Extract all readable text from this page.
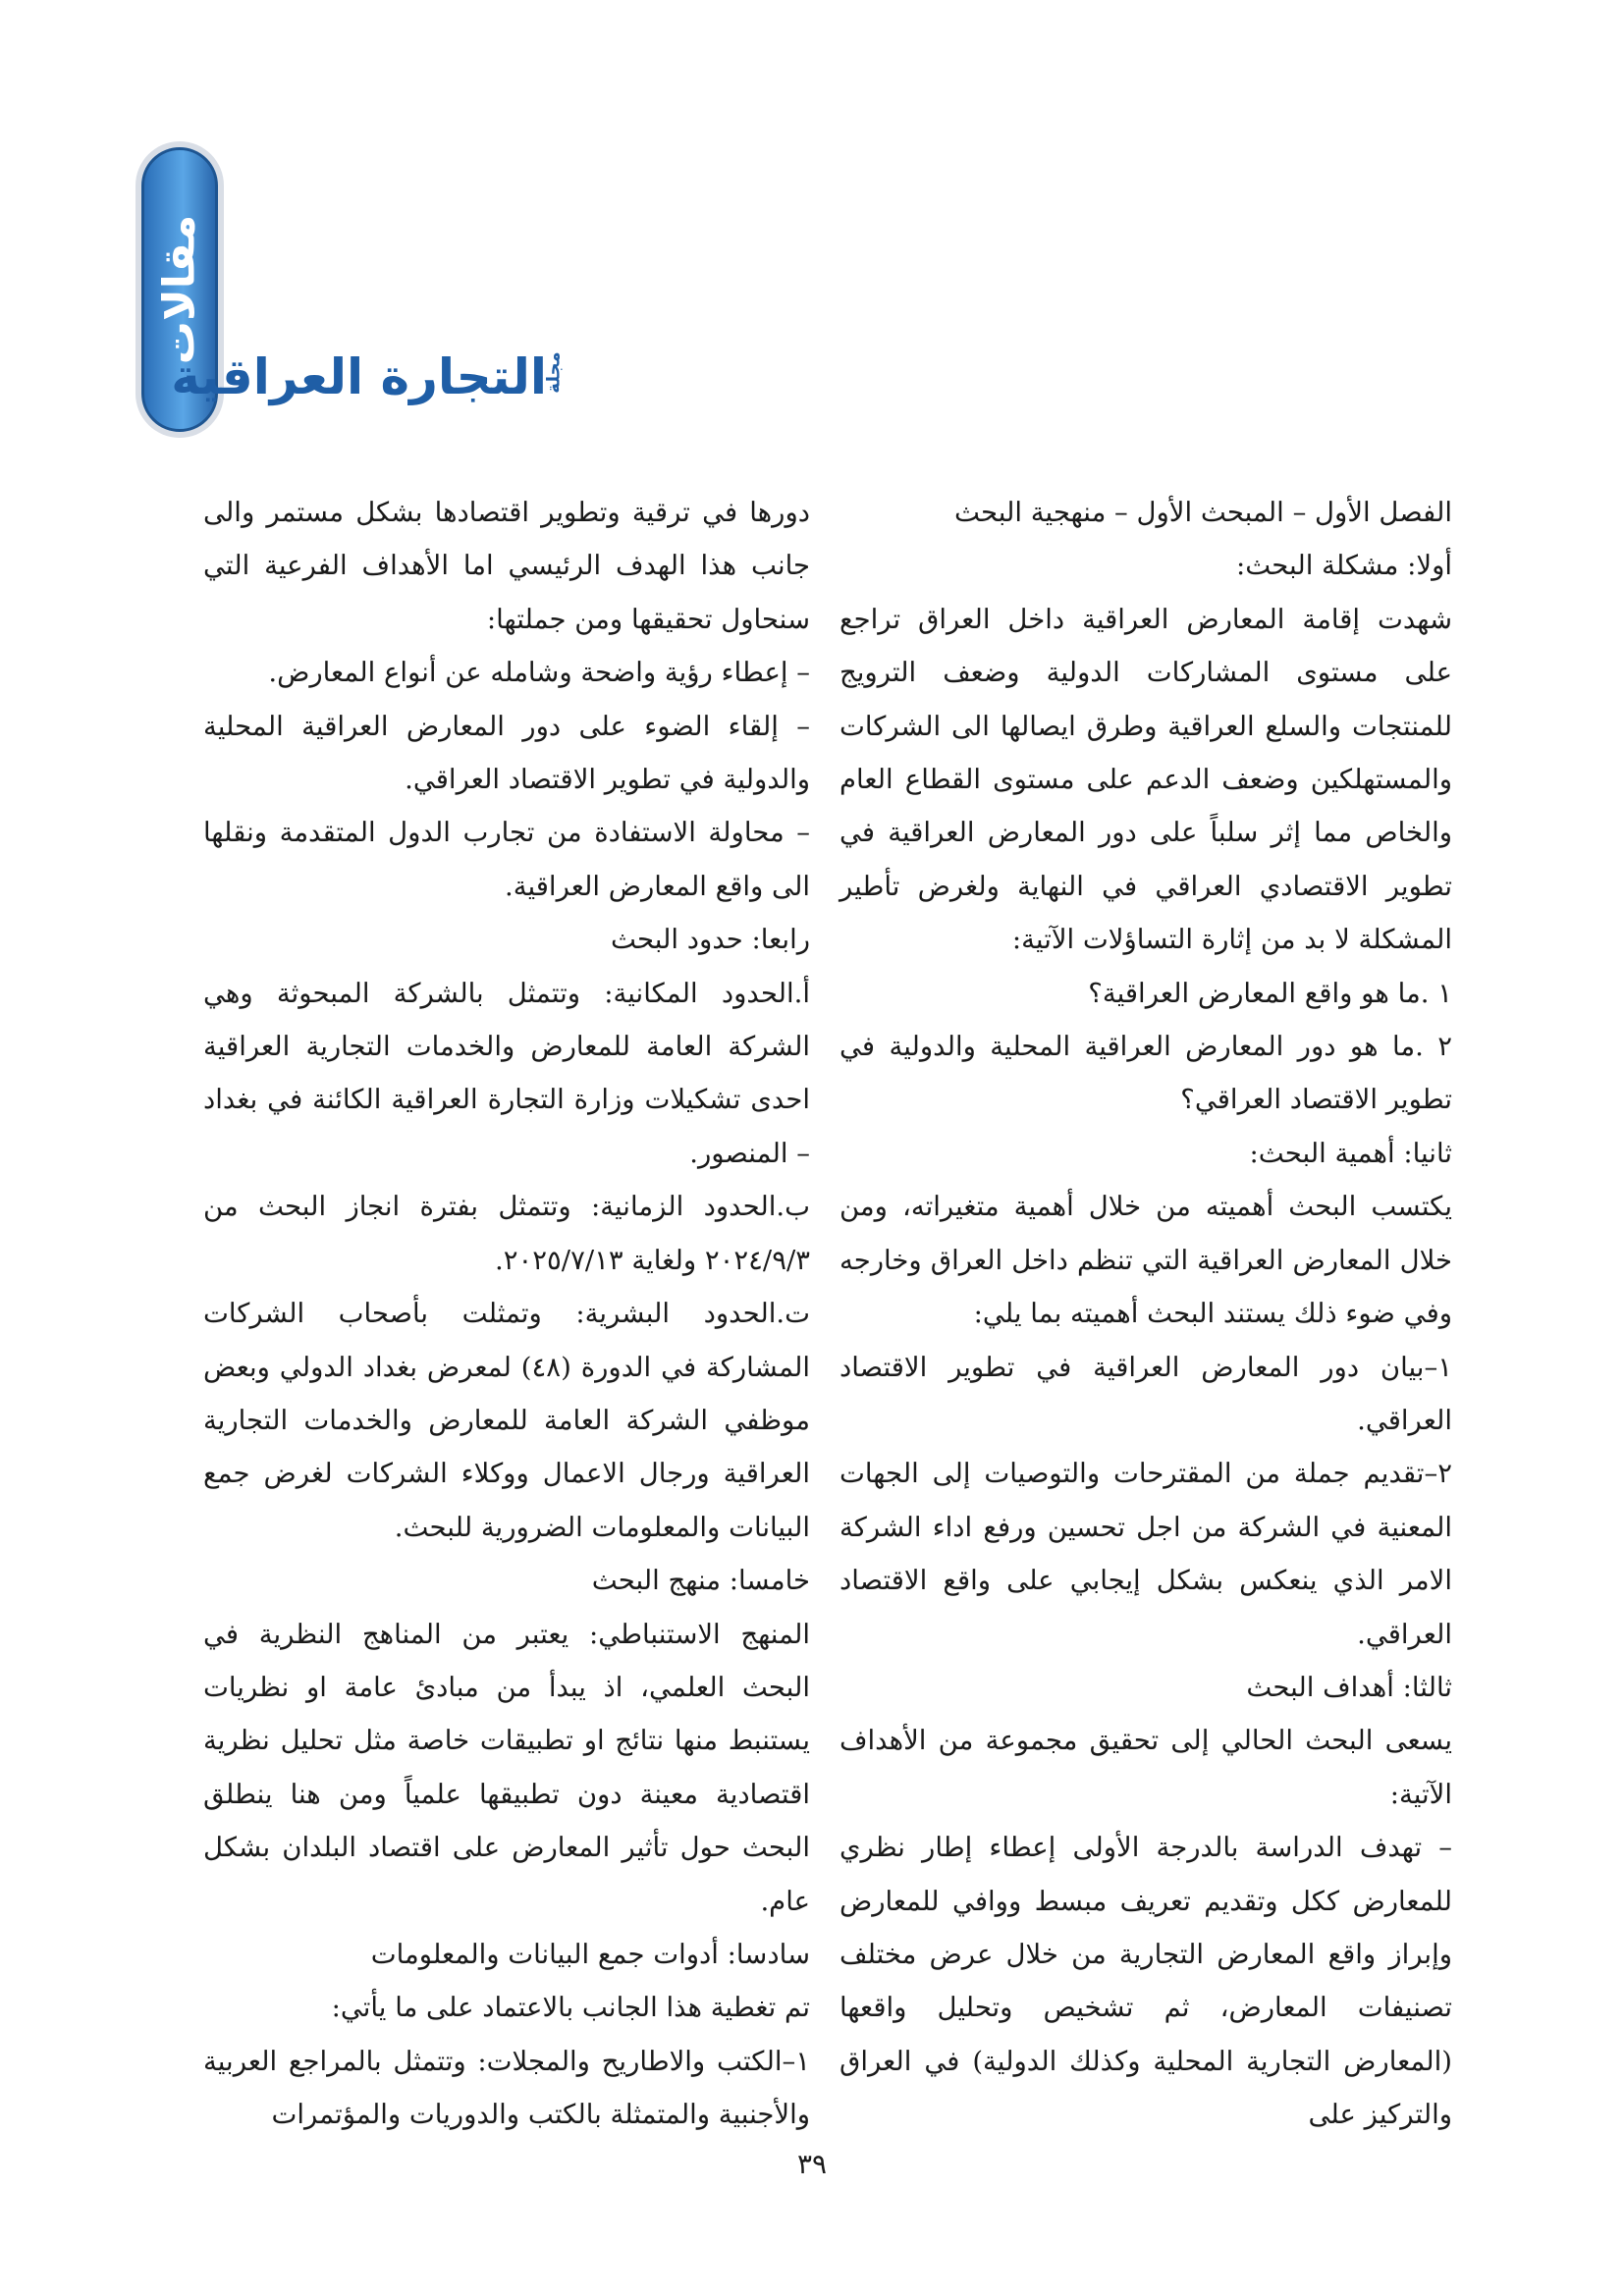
مقالات
مجلة
التجارة العراقية

الفصل الأول – المبحث الأول – منهجية البحث

أولا: مشكلة البحث:

شهدت إقامة المعارض العراقية داخل العراق تراجع على مستوى المشاركات الدولية وضعف الترويج للمنتجات والسلع العراقية وطرق ايصالها الى الشركات والمستهلكين وضعف الدعم على مستوى القطاع العام والخاص مما إثر سلباً على دور المعارض العراقية في تطوير الاقتصادي العراقي في النهاية ولغرض تأطير المشكلة لا بد من إثارة التساؤلات الآتية:

١ .ما هو واقع المعارض العراقية؟

٢ .ما هو دور المعارض العراقية المحلية والدولية في تطوير الاقتصاد العراقي؟

ثانيا: أهمية البحث:

يكتسب البحث أهميته من خلال أهمية متغيراته، ومن خلال المعارض العراقية التي تنظم داخل العراق وخارجه وفي ضوء ذلك يستند البحث أهميته بما يلي:

١–بيان دور المعارض العراقية في تطوير الاقتصاد العراقي.

٢–تقديم جملة من المقترحات والتوصيات إلى الجهات المعنية في الشركة من اجل تحسين ورفع اداء الشركة الامر الذي ينعكس بشكل إيجابي على واقع الاقتصاد العراقي.

ثالثا: أهداف البحث

يسعى البحث الحالي إلى تحقيق مجموعة من الأهداف الآتية:

– تهدف الدراسة بالدرجة الأولى إعطاء إطار نظري للمعارض ككل وتقديم تعريف مبسط ووافي للمعارض وإبراز واقع المعارض التجارية من خلال عرض مختلف تصنيفات المعارض، ثم تشخيص وتحليل واقعها (المعارض التجارية المحلية وكذلك الدولية) في العراق والتركيز على

دورها في ترقية وتطوير اقتصادها بشكل مستمر والى جانب هذا الهدف الرئيسي اما الأهداف الفرعية التي سنحاول تحقيقها ومن جملتها:

– إعطاء رؤية واضحة وشامله عن أنواع المعارض.

– إلقاء الضوء على دور المعارض العراقية المحلية والدولية في تطوير الاقتصاد العراقي.

– محاولة الاستفادة من تجارب الدول المتقدمة ونقلها الى واقع المعارض العراقية.

رابعا: حدود البحث

أ.الحدود المكانية: وتتمثل بالشركة المبحوثة وهي الشركة العامة للمعارض والخدمات التجارية العراقية احدى تشكيلات وزارة التجارة العراقية الكائنة في بغداد – المنصور.

ب.الحدود الزمانية: وتتمثل بفترة انجاز البحث من ٢٠٢٤/٩/٣ ولغاية ٢٠٢٥/٧/١٣.

ت.الحدود البشرية: وتمثلت بأصحاب الشركات المشاركة في الدورة (٤٨) لمعرض بغداد الدولي وبعض موظفي الشركة العامة للمعارض والخدمات التجارية العراقية ورجال الاعمال ووكلاء الشركات لغرض جمع البيانات والمعلومات الضرورية للبحث.

خامسا: منهج البحث

المنهج الاستنباطي: يعتبر من المناهج النظرية في البحث العلمي، اذ يبدأ من مبادئ عامة او نظريات يستنبط منها نتائج او تطبيقات خاصة مثل تحليل نظرية اقتصادية معينة دون تطبيقها علمياً ومن هنا ينطلق البحث حول تأثير المعارض على اقتصاد البلدان بشكل عام.

سادسا: أدوات جمع البيانات والمعلومات

تم تغطية هذا الجانب بالاعتماد على ما يأتي:

١–الكتب والاطاريح والمجلات: وتتمثل بالمراجع العربية والأجنبية والمتمثلة بالكتب والدوريات والمؤتمرات

٣٩
